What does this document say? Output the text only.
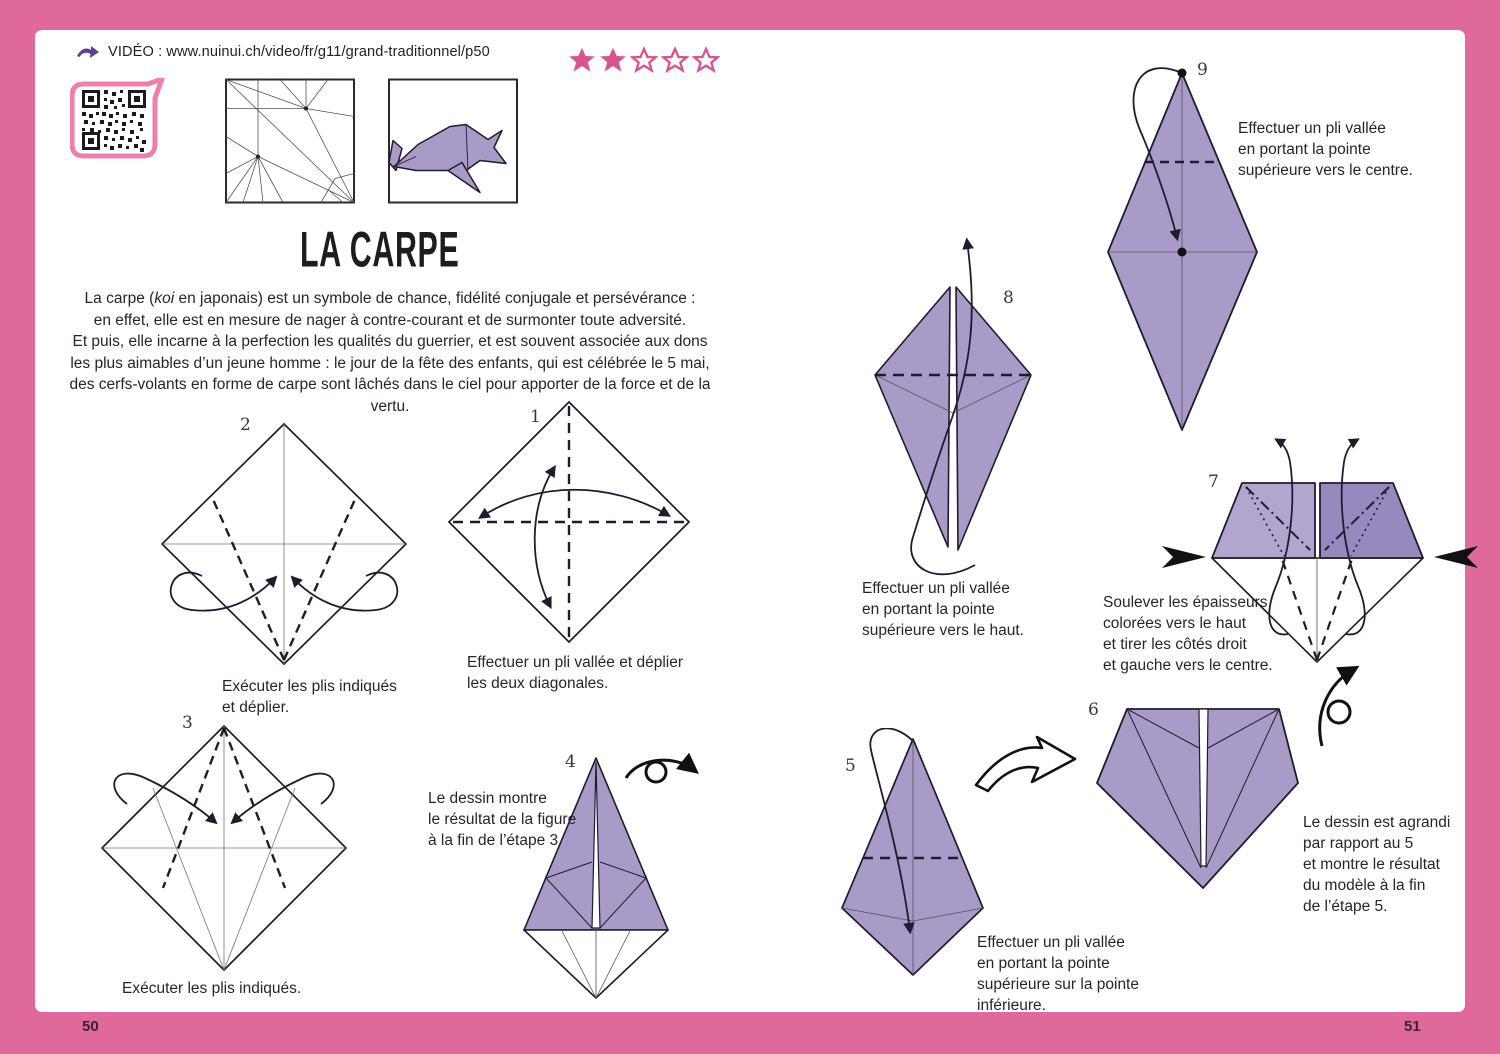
VIDÉO : www.nuinui.ch/video/fr/g11/grand-traditionnel/p50
LA CARPE
La carpe (koi en japonais) est un symbole de chance, fidélité conjugale et persévérance :
en effet, elle est en mesure de nager à contre-courant et de surmonter toute adversité.
Et puis, elle incarne à la perfection les qualités du guerrier, et est souvent associée aux dons
les plus aimables d’un jeune homme : le jour de la fête des enfants, qui est célébrée le 5 mai,
des cerfs-volants en forme de carpe sont lâchés dans le ciel pour apporter de la force et de la vertu.
2
Exécuter les plis indiqués
et déplier.
1
Effectuer un pli vallée et déplier
les deux diagonales.
3
Exécuter les plis indiqués.
4
Le dessin montre
le résultat de la figure
à la fin de l’étape 3.
9
Effectuer un pli vallée
en portant la pointe
supérieure vers le centre.
8
Effectuer un pli vallée
en portant la pointe
supérieure vers le haut.
7
Soulever les épaisseurs
colorées vers le haut
et tirer les côtés droit
et gauche vers le centre.
5
Effectuer un pli vallée
en portant la pointe
supérieure sur la pointe
inférieure.
6
Le dessin est agrandi
par rapport au 5
et montre le résultat
du modèle à la fin
de l’étape 5.
50	51
